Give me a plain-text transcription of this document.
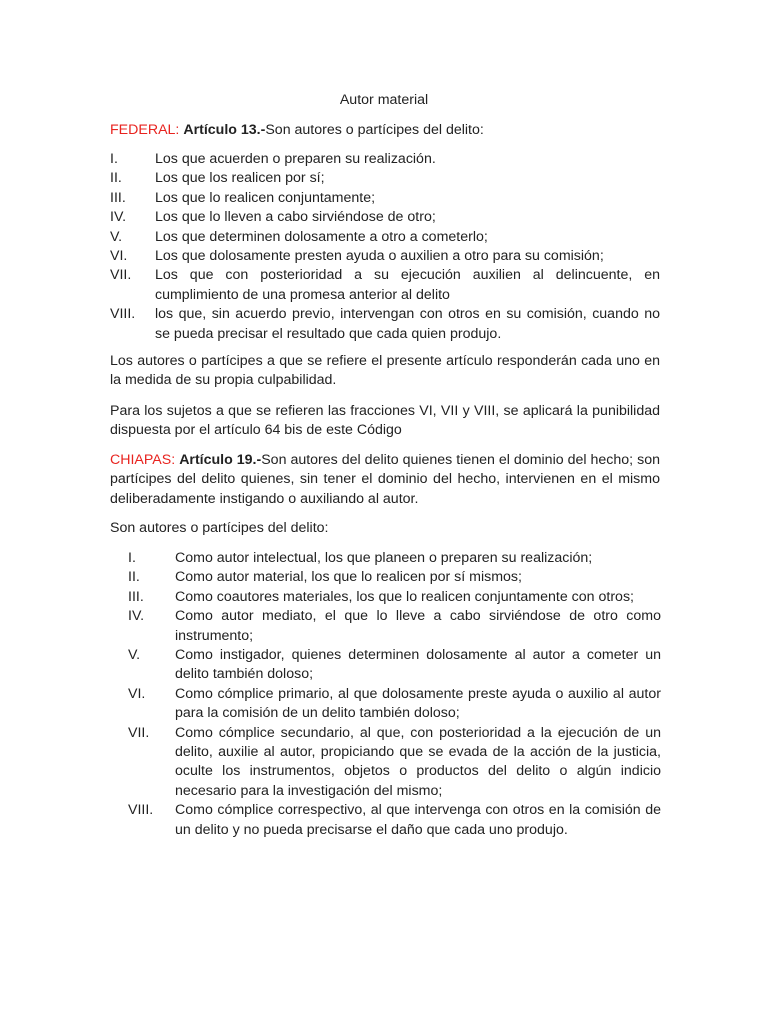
Autor material
FEDERAL: Artículo 13.-Son autores o partícipes del delito:
I.	Los que acuerden o preparen su realización.
II. Los que los realicen por sí;
III. Los que lo realicen conjuntamente;
IV. Los que lo lleven a cabo sirviéndose de otro;
V. Los que determinen dolosamente a otro a cometerlo;
VI. Los que dolosamente presten ayuda o auxilien a otro para su comisión;
VII. Los que con posterioridad a su ejecución auxilien al delincuente, en cumplimiento de una promesa anterior al delito
VIII. los que, sin acuerdo previo, intervengan con otros en su comisión, cuando no se pueda precisar el resultado que cada quien produjo.

Los autores o partícipes a que se refiere el presente artículo responderán cada uno en la medida de su propia culpabilidad.

Para los sujetos a que se refieren las fracciones VI, VII y VIII, se aplicará la punibilidad dispuesta por el artículo 64 bis de este Código

CHIAPAS: Artículo 19.-Son autores del delito quienes tienen el dominio del hecho; son partícipes del delito quienes, sin tener el dominio del hecho, intervienen en el mismo deliberadamente instigando o auxiliando al autor.

Son autores o partícipes del delito:

I.	Como autor intelectual, los que planeen o preparen su realización;
II. Como autor material, los que lo realicen por sí mismos;
III. Como coautores materiales, los que lo realicen conjuntamente con otros;
IV. Como autor mediato, el que lo lleve a cabo sirviéndose de otro como instrumento;
V. Como instigador, quienes determinen dolosamente al autor a cometer un delito también doloso;
VI. Como cómplice primario, al que dolosamente preste ayuda o auxilio al autor para la comisión de un delito también doloso;
VII. Como cómplice secundario, al que, con posterioridad a la ejecución de un delito, auxilie al autor, propiciando que se evada de la acción de la justicia, oculte los instrumentos, objetos o productos del delito o algún indicio necesario para la investigación del mismo;
VIII. Como cómplice correspectivo, al que intervenga con otros en la comisión de un delito y no pueda precisarse el daño que cada uno produjo.
